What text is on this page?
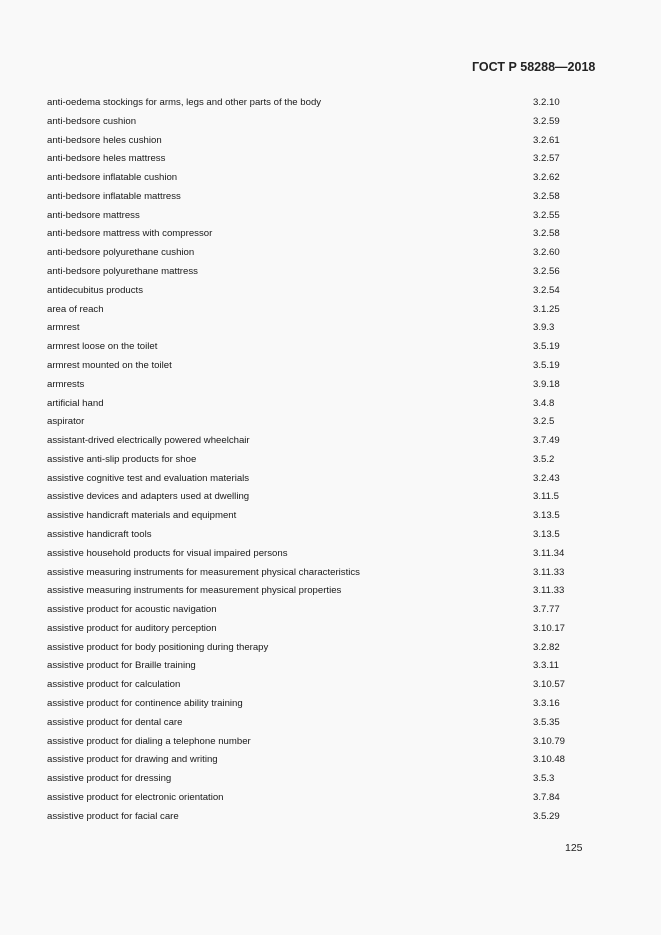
ГОСТ Р 58288—2018
anti-oedema stockings for arms, legs and other parts of the body	3.2.10
anti-bedsore cushion	3.2.59
anti-bedsore heles cushion	3.2.61
anti-bedsore heles mattress	3.2.57
anti-bedsore inflatable cushion	3.2.62
anti-bedsore inflatable mattress	3.2.58
anti-bedsore mattress	3.2.55
anti-bedsore mattress with compressor	3.2.58
anti-bedsore polyurethane cushion	3.2.60
anti-bedsore polyurethane mattress	3.2.56
antidecubitus products	3.2.54
area of reach	3.1.25
armrest	3.9.3
armrest loose on the toilet	3.5.19
armrest mounted on the toilet	3.5.19
armrests	3.9.18
artificial hand	3.4.8
aspirator	3.2.5
assistant-drived electrically powered wheelchair	3.7.49
assistive anti-slip products for shoe	3.5.2
assistive cognitive test and evaluation materials	3.2.43
assistive devices and adapters used at dwelling	3.11.5
assistive handicraft materials and equipment	3.13.5
assistive handicraft tools	3.13.5
assistive household products for visual impaired persons	3.11.34
assistive measuring instruments for measurement physical characteristics	3.11.33
assistive measuring instruments for measurement physical properties	3.11.33
assistive product for acoustic navigation	3.7.77
assistive product for auditory perception	3.10.17
assistive product for body positioning during therapy	3.2.82
assistive product for Braille training	3.3.11
assistive product for calculation	3.10.57
assistive product for continence ability training	3.3.16
assistive product for dental care	3.5.35
assistive product for dialing a telephone number	3.10.79
assistive product for drawing and writing	3.10.48
assistive product for dressing	3.5.3
assistive product for electronic orientation	3.7.84
assistive product for facial care	3.5.29
125
